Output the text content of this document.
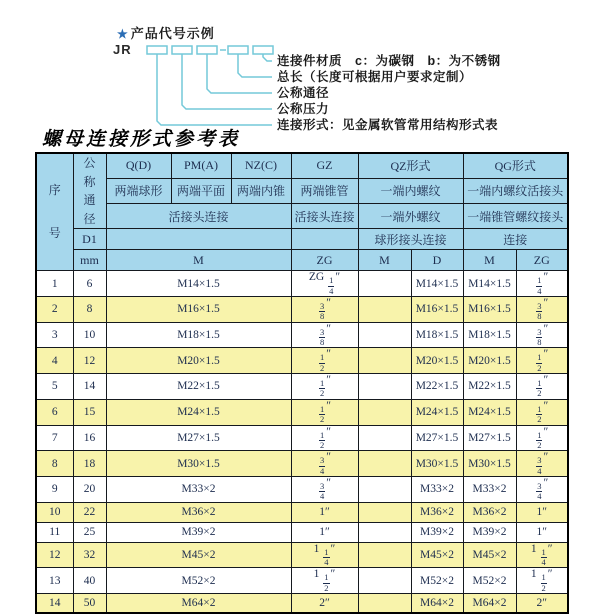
★ 产品代号示例
JR
连接件材质　c：为碳钢　b：为不锈钢
总长（长度可根据用户要求定制）
公称通径
公称压力
连接形式：见金属软管常用结构形式表
螺母连接形式参考表
序号	公称通径	Q(D)	PM(A)	NZ(C)	GZ	QZ形式		QG形式	
		两端球形	两端平面	两端内锥	两端锥管	一端内螺纹		一端内螺纹活接头	
		活接头连接			活接头连接	一端外螺纹		一端锥管螺纹接头	
	D1					球形接头连接		连接	
	mm	M			ZG	M	D	M	ZG
1	6	M14×1.5			ZG $\frac{1}{4}$ ″		M14×1.5	M14×1.5	$\frac{1}{4}$ ″
2	8	M16×1.5			$\frac{3}{8}$ ″		M16×1.5	M16×1.5	$\frac{3}{8}$ ″
3	10	M18×1.5			$\frac{3}{8}$ ″		M18×1.5	M18×1.5	$\frac{3}{8}$ ″
4	12	M20×1.5			$\frac{1}{2}$ ″		M20×1.5	M20×1.5	$\frac{1}{2}$ ″
5	14	M22×1.5			$\frac{1}{2}$ ″		M22×1.5	M22×1.5	$\frac{1}{2}$ ″
6	15	M24×1.5			$\frac{1}{2}$ ″		M24×1.5	M24×1.5	$\frac{1}{2}$ ″
7	16	M27×1.5			$\frac{1}{2}$ ″		M27×1.5	M27×1.5	$\frac{1}{2}$ ″
8	18	M30×1.5			$\frac{3}{4}$ ″		M30×1.5	M30×1.5	$\frac{3}{4}$ ″
9	20	M33×2			$\frac{3}{4}$ ″		M33×2	M33×2	$\frac{3}{4}$ ″
10	22	M36×2			1″		M36×2	M36×2	1″
11	25	M39×2			1″		M39×2	M39×2	1″
12	32	M45×2			$1 \frac{1}{4}$ ″		M45×2	M45×2	$1 \frac{1}{4}$ ″
13	40	M52×2			$1 \frac{1}{2}$ ″		M52×2	M52×2	$1 \frac{1}{2}$ ″
14	50	M64×2			2″		M64×2	M64×2	2″
